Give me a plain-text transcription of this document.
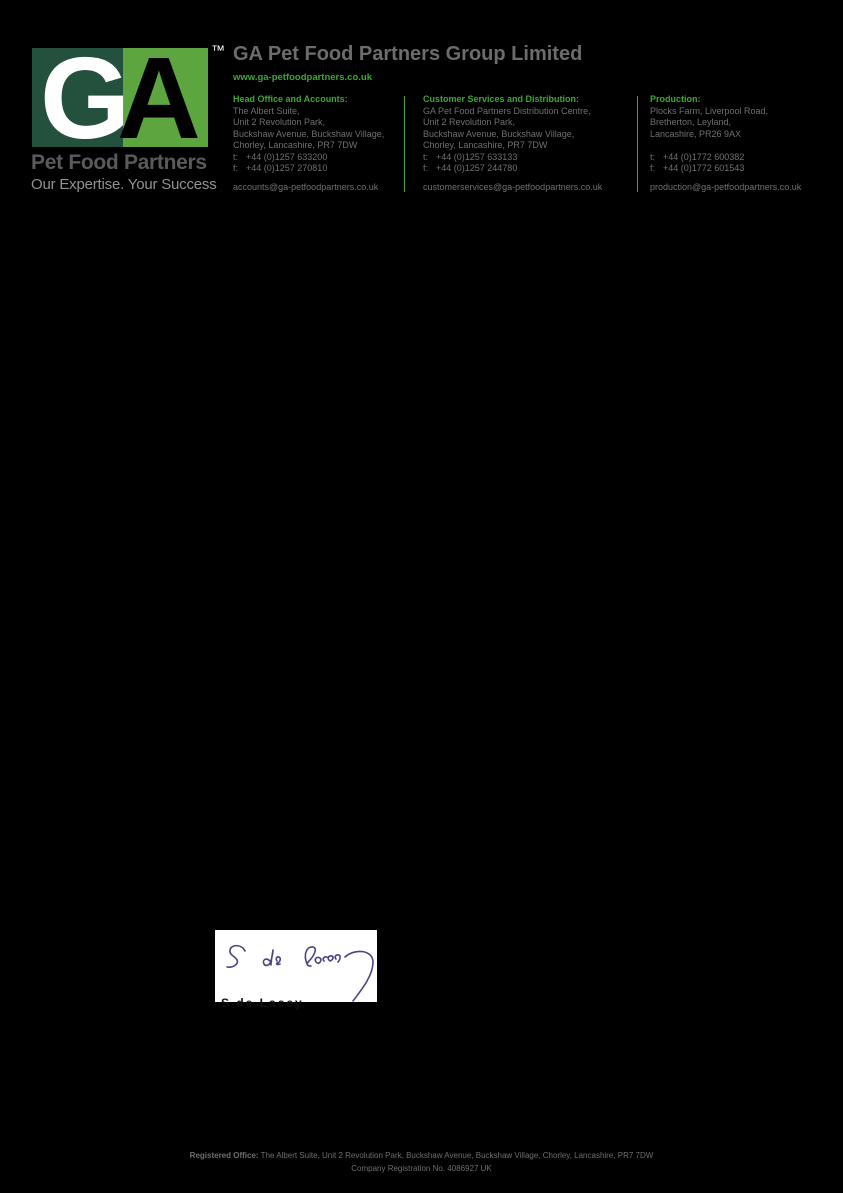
G
A ™
Pet Food Partners
Our Expertise. Your Success
GA Pet Food Partners Group Limited
www.ga-petfoodpartners.co.uk
Head Office and Accounts:
The Albert Suite,
Unit 2 Revolution Park,
Buckshaw Avenue, Buckshaw Village,
Chorley, Lancashire, PR7 7DW
t: +44 (0)1257 633200
f: +44 (0)1257 270810
accounts@ga-petfoodpartners.co.uk
Customer Services and Distribution:
GA Pet Food Partners Distribution Centre,
Unit 2 Revolution Park,
Buckshaw Avenue, Buckshaw Village,
Chorley, Lancashire, PR7 7DW
t: +44 (0)1257 633133
f: +44 (0)1257 244780
customerservices@ga-petfoodpartners.co.uk
Production:
Plocks Farm, Liverpool Road,
Bretherton, Leyland,
Lancashire, PR26 9AX
t: +44 (0)1772 600382
f: +44 (0)1772 601543
production@ga-petfoodpartners.co.uk
S de Lacey
Registered Office: The Albert Suite, Unit 2 Revolution Park, Buckshaw Avenue, Buckshaw Village, Chorley, Lancashire, PR7 7DW
Company Registration No. 4086927 UK
